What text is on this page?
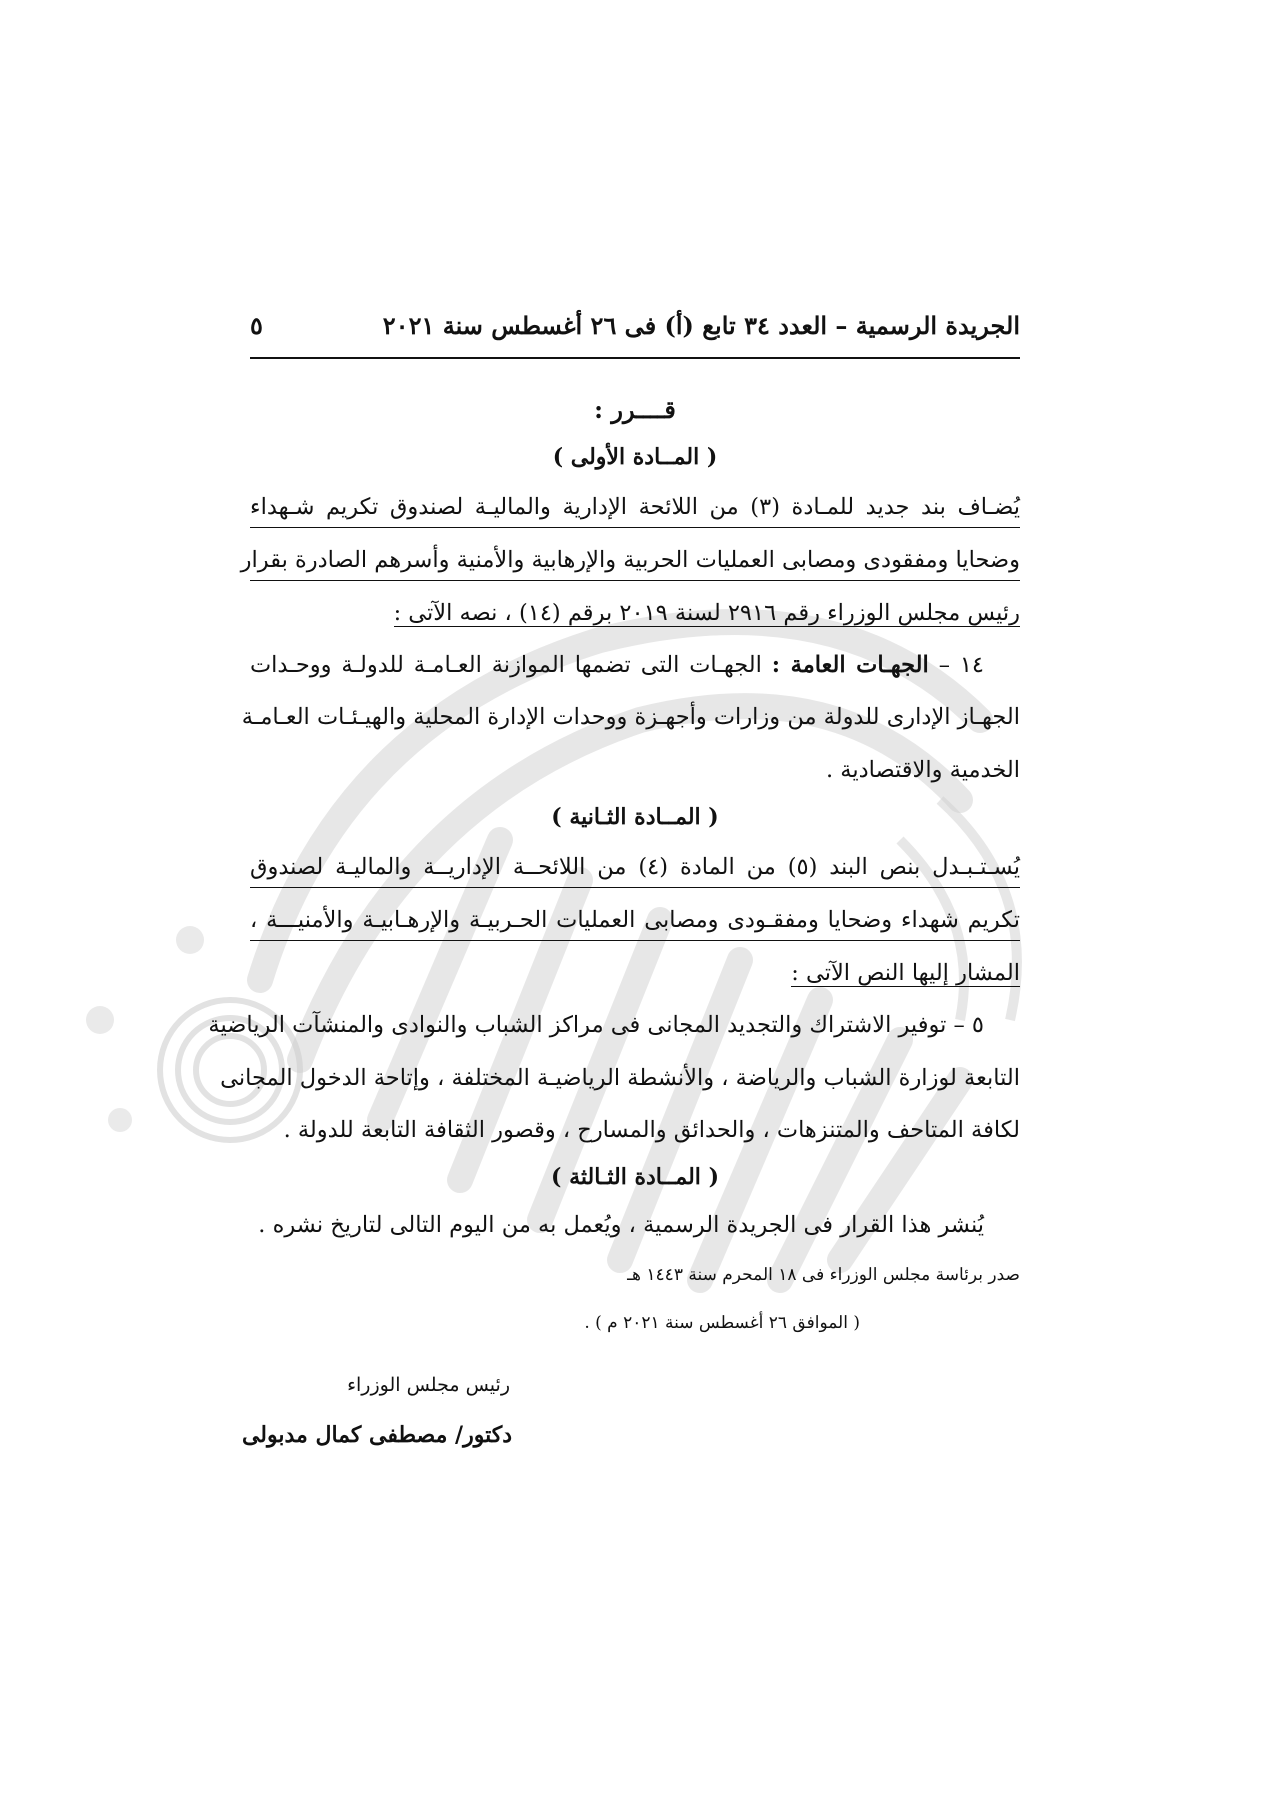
الجريدة الرسمية – العدد ٣٤ تابع (أ) فى ٢٦ أغسطس سنة ٢٠٢١
٥
قــــرر :
( المــادة الأولى )
يُضـاف بند جديد للمـادة (٣) من اللائحة الإدارية والماليـة لصندوق تكريم شـهداء
وضحايا ومفقودى ومصابى العمليات الحربية والإرهابية والأمنية وأسرهم الصادرة بقرار
رئيس مجلس الوزراء رقم ٢٩١٦ لسنة ٢٠١٩ برقم (١٤) ، نصه الآتى :
١٤ – الجهـات العامة : الجهـات التى تضمها الموازنة العـامـة للدولـة ووحـدات
الجهـاز الإدارى للدولة من وزارات وأجهـزة ووحدات الإدارة المحلية والهيـئـات العـامـة
الخدمية والاقتصادية .
( المــادة الثـانية )
يُسـتـبـدل بنص البند (٥) من المادة (٤) من اللائحــة الإداريــة والماليـة لصندوق
تكريم شهداء وضحايا ومفقـودى ومصابى العمليات الحـربيـة والإرهـابيـة والأمنيـــة ،
المشار إليها النص الآتى :
٥ – توفير الاشتراك والتجديد المجانى فى مراكز الشباب والنوادى والمنشآت الرياضية
التابعة لوزارة الشباب والرياضة ، والأنشطة الرياضيـة المختلفة ، وإتاحة الدخول المجانى
لكافة المتاحف والمتنزهات ، والحدائق والمسارح ، وقصور الثقافة التابعة للدولة .
( المــادة الثـالثة )
يُنشر هذا القرار فى الجريدة الرسمية ، ويُعمل به من اليوم التالى لتاريخ نشره .
صدر برئاسة مجلس الوزراء فى ١٨ المحرم سنة ١٤٤٣ هـ
( الموافق ٢٦ أغسطس سنة ٢٠٢١ م ) .
رئيس مجلس الوزراء
دكتور/ مصطفى كمال مدبولى
